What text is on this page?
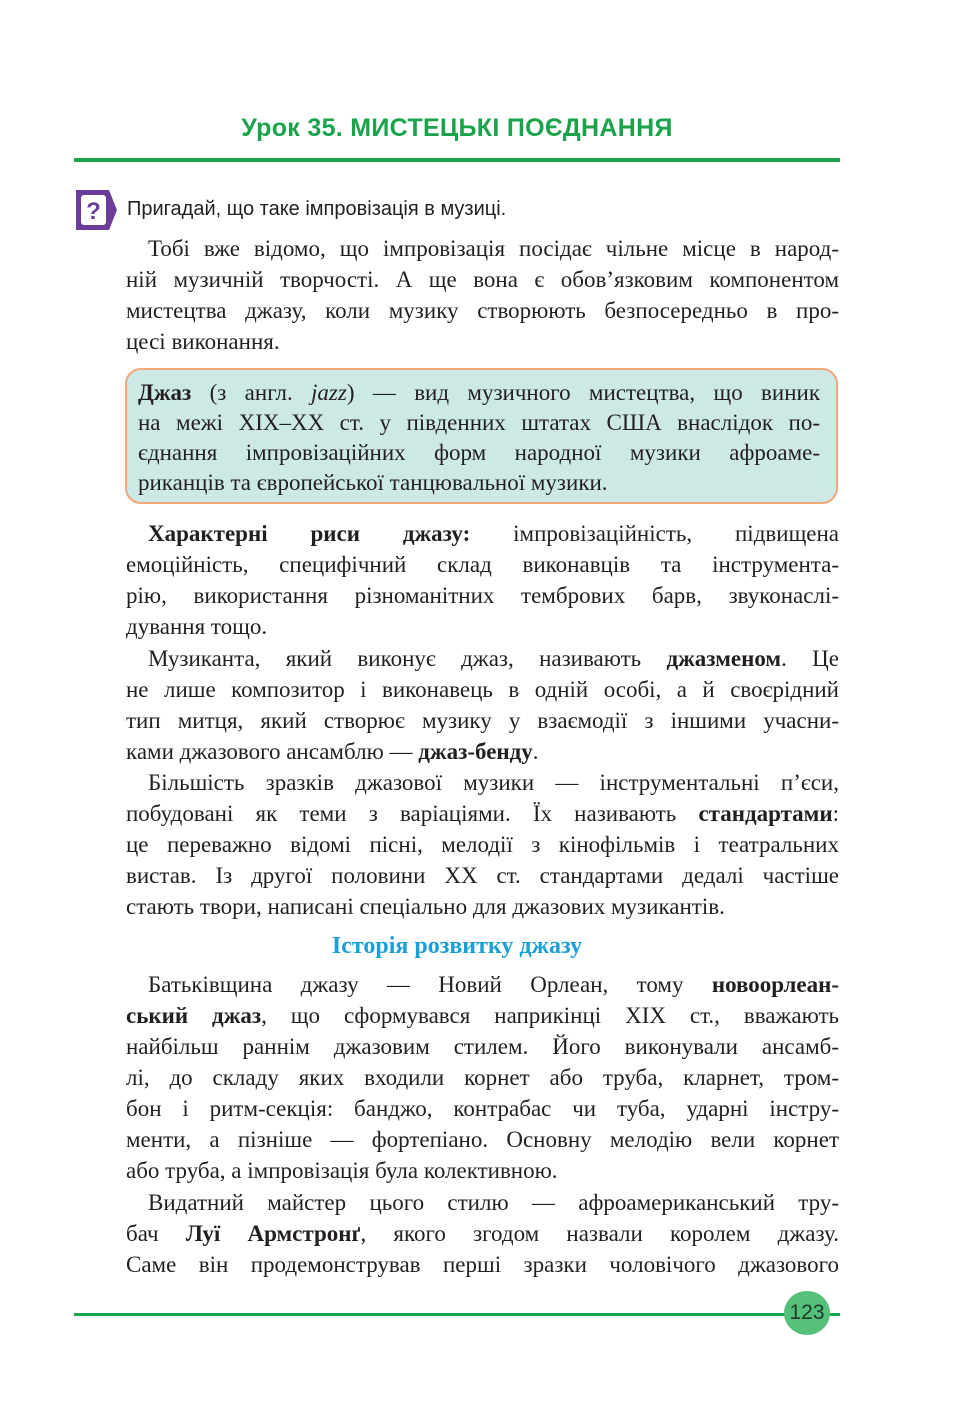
Урок 35. МИСТЕЦЬКІ ПОЄДНАННЯ
? Пригадай, що таке імпровізація в музиці.
Тобі вже відомо, що імпровізація посідає чільне місце в народ-
ній музичній творчості. А ще вона є обов’язковим компонентом
мистецтва джазу, коли музику створюють безпосередньо в про-
цесі виконання.
Джаз (з англ. jazz) — вид музичного мистецтва, що виник
на межі XIX–XX ст. у південних штатах США внаслідок по-
єднання імпровізаційних форм народної музики афроаме-
риканців та європейської танцювальної музики.
Характерні риси джазу: імпровізаційність, підвищена
емоційність, специфічний склад виконавців та інструмента-
рію, використання різноманітних тембрових барв, звуконаслі-
дування тощо.
Музиканта, який виконує джаз, називають джазменом. Це
не лише композитор і виконавець в одній особі, а й своєрідний
тип митця, який створює музику у взаємодії з іншими учасни-
ками джазового ансамблю — джаз-бенду.
Більшість зразків джазової музики — інструментальні п’єси,
побудовані як теми з варіаціями. Їх називають стандартами:
це переважно відомі пісні, мелодії з кінофільмів і театральних
вистав. Із другої половини XX ст. стандартами дедалі частіше
стають твори, написані спеціально для джазових музикантів.
Історія розвитку джазу
Батьківщина джазу — Новий Орлеан, тому новоорлеан-
ський джаз, що сформувався наприкінці XIX ст., вважають
найбільш раннім джазовим стилем. Його виконували ансамб-
лі, до складу яких входили корнет або труба, кларнет, тром-
бон і ритм-секція: банджо, контрабас чи туба, ударні інстру-
менти, а пізніше — фортепіано. Основну мелодію вели корнет
або труба, а імпровізація була колективною.
Видатний майстер цього стилю — афроамериканський тру-
бач Луї Армстронґ, якого згодом назвали королем джазу.
Саме він продемонстрував перші зразки чоловічого джазового
123
